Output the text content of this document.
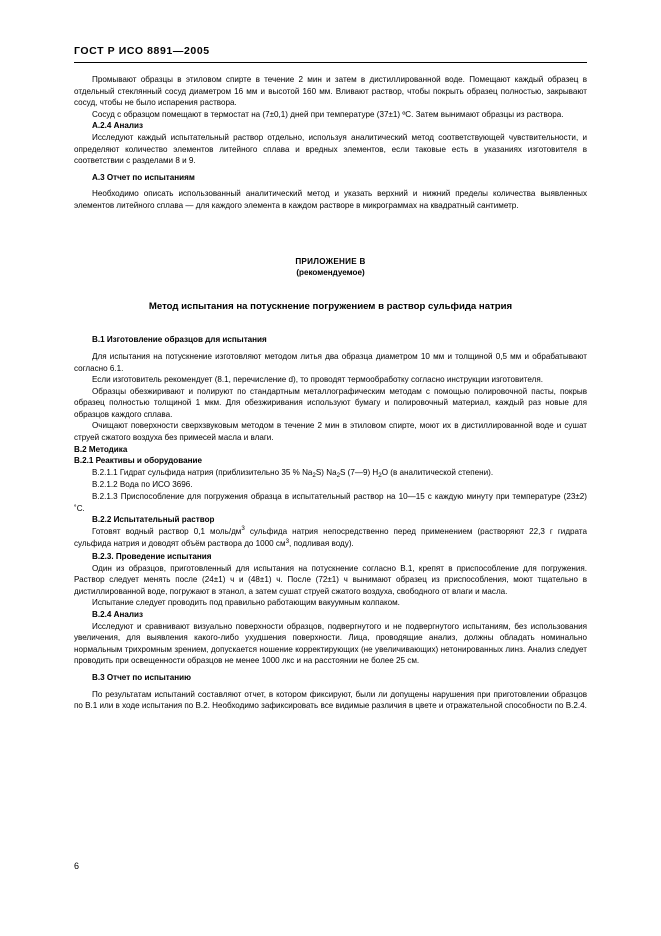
ГОСТ Р ИСО 8891—2005

Промывают образцы в этиловом спирте в течение 2 мин и затем в дистиллированной воде. Помещают каждый образец в отдельный стеклянный сосуд диаметром 16 мм и высотой 160 мм. Вливают раствор, чтобы покрыть образец полностью, закрывают сосуд, чтобы не было испарения раствора.

Сосуд с образцом помещают в термостат на (7±0,1) дней при температуре (37±1) ºС. Затем вынимают образцы из раствора.

А.2.4 Анализ

Исследуют каждый испытательный раствор отдельно, используя аналитический метод соответствующей чувствительности, и определяют количество элементов литейного сплава и вредных элементов, если таковые есть в указаниях изготовителя в соответствии с разделами 8 и 9.

А.3 Отчет по испытаниям

Необходимо описать использованный аналитический метод и указать верхний и нижний пределы количества выявленных элементов литейного сплава — для каждого элемента в каждом растворе в микрограммах на квадратный сантиметр.

ПРИЛОЖЕНИЕ В

(рекомендуемое)

Метод испытания на потускнение погружением в раствор сульфида натрия

В.1 Изготовление образцов для испытания

Для испытания на потускнение изготовляют методом литья два образца диаметром 10 мм и толщиной 0,5 мм и обрабатывают согласно 6.1.

Если изготовитель рекомендует (8.1, перечисление d), то проводят термообработку согласно инструкции изготовителя.

Образцы обезжиривают и полируют по стандартным металлографическим методам с помощью полировочной пасты, покрыв образец полностью толщиной 1 мкм. Для обезжиривания используют бумагу и полировочный материал, каждый раз новые для образцов каждого сплава.

Очищают поверхности сверхзвуковым методом в течение 2 мин в этиловом спирте, моют их в дистиллированной воде и сушат струей сжатого воздуха без примесей масла и влаги.

В.2 Методика

В.2.1 Реактивы и оборудование

В.2.1.1 Гидрат сульфида натрия (приблизительно 35 % $Na_2S$) $Na_2S$ (7—9) $H_2O$ (в аналитической степени).

В.2.1.2 Вода по ИСО 3696.

В.2.1.3 Приспособление для погружения образца в испытательный раствор на 10—15 с каждую минуту при температуре (23±2) ˚С.

В.2.2 Испытательный раствор

Готовят водный раствор 0,1 моль/$дм^3$ сульфида натрия непосредственно перед применением (растворяют 22,3 г гидрата сульфида натрия и доводят объём раствора до 1000 $см^3$, подливая воду).

В.2.3. Проведение испытания

Один из образцов, приготовленный для испытания на потускнение согласно В.1, крепят в приспособление для погружения. Раствор следует менять после (24±1) ч и (48±1) ч. После (72±1) ч вынимают образец из приспособления, моют тщательно в дистиллированной воде, погружают в этанол, а затем сушат струей сжатого воздуха, свободного от влаги и масла.

Испытание следует проводить под правильно работающим вакуумным колпаком.

В.2.4 Анализ

Исследуют и сравнивают визуально поверхности образцов, подвергнутого и не подвергнутого испытаниям, без использования увеличения, для выявления какого-либо ухудшения поверхности. Лица, проводящие анализ, должны обладать номинально нормальным трихромным зрением, допускается ношение корректирующих (не увеличивающих) нетонированных линз. Анализ следует проводить при освещенности образцов не менее 1000 лкс и на расстоянии не более 25 см.

В.3 Отчет по испытанию

По результатам испытаний составляют отчет, в котором фиксируют, были ли допущены нарушения при приготовлении образцов по В.1 или в ходе испытания по В.2. Необходимо зафиксировать все видимые различия в цвете и отражательной способности по В.2.4.

6
